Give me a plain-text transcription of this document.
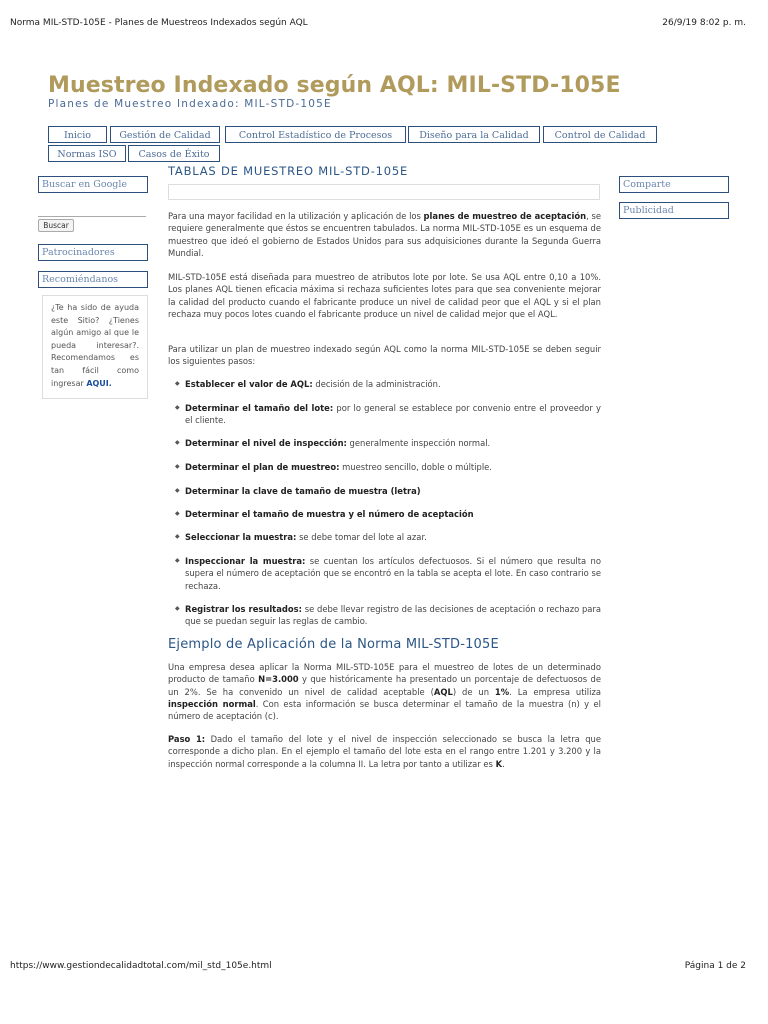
Norma MIL-STD-105E - Planes de Muestreos Indexados según AQL	26/9/19 8:02 p. m.
Muestreo Indexado según AQL: MIL-STD-105E
Planes de Muestreo Indexado: MIL-STD-105E
Inicio	Gestión de Calidad	Control Estadístico de Procesos	Diseño para la Calidad	Control de Calidad
Normas ISO	Casos de Éxito
Buscar en Google
Buscar
Patrocinadores
Recomiéndanos
¿Te ha sido de ayuda este Sitio? ¿Tienes algún amigo al que le pueda interesar?. Recomendamos es tan fácil como ingresar AQUI.
Comparte
Publicidad
TABLAS DE MUESTREO MIL-STD-105E
Para una mayor facilidad en la utilización y aplicación de los planes de muestreo de aceptación, se requiere generalmente que éstos se encuentren tabulados. La norma MIL-STD-105E es un esquema de muestreo que ideó el gobierno de Estados Unidos para sus adquisiciones durante la Segunda Guerra Mundial.
MIL-STD-105E está diseñada para muestreo de atributos lote por lote. Se usa AQL entre 0,10 a 10%. Los planes AQL tienen eficacia máxima si rechaza suficientes lotes para que sea conveniente mejorar la calidad del producto cuando el fabricante produce un nivel de calidad peor que el AQL y si el plan rechaza muy pocos lotes cuando el fabricante produce un nivel de calidad mejor que el AQL.
Para utilizar un plan de muestreo indexado según AQL como la norma MIL-STD-105E se deben seguir los siguientes pasos:
◆ Establecer el valor de AQL: decisión de la administración.
◆ Determinar el tamaño del lote: por lo general se establece por convenio entre el proveedor y el cliente.
◆ Determinar el nivel de inspección: generalmente inspección normal.
◆ Determinar el plan de muestreo: muestreo sencillo, doble o múltiple.
◆ Determinar la clave de tamaño de muestra (letra)
◆ Determinar el tamaño de muestra y el número de aceptación
◆ Seleccionar la muestra: se debe tomar del lote al azar.
◆ Inspeccionar la muestra: se cuentan los artículos defectuosos. Si el número que resulta no supera el número de aceptación que se encontró en la tabla se acepta el lote. En caso contrario se rechaza.
◆ Registrar los resultados: se debe llevar registro de las decisiones de aceptación o rechazo para que se puedan seguir las reglas de cambio.
Ejemplo de Aplicación de la Norma MIL-STD-105E
Una empresa desea aplicar la Norma MIL-STD-105E para el muestreo de lotes de un determinado producto de tamaño N=3.000 y que históricamente ha presentado un porcentaje de defectuosos de un 2%. Se ha convenido un nivel de calidad aceptable (AQL) de un 1%. La empresa utiliza inspección normal. Con esta información se busca determinar el tamaño de la muestra (n) y el número de aceptación (c).
Paso 1: Dado el tamaño del lote y el nivel de inspección seleccionado se busca la letra que corresponde a dicho plan. En el ejemplo el tamaño del lote esta en el rango entre 1.201 y 3.200 y la inspección normal corresponde a la columna II. La letra por tanto a utilizar es K.
https://www.gestiondecalidadtotal.com/mil_std_105e.html	Página 1 de 2
